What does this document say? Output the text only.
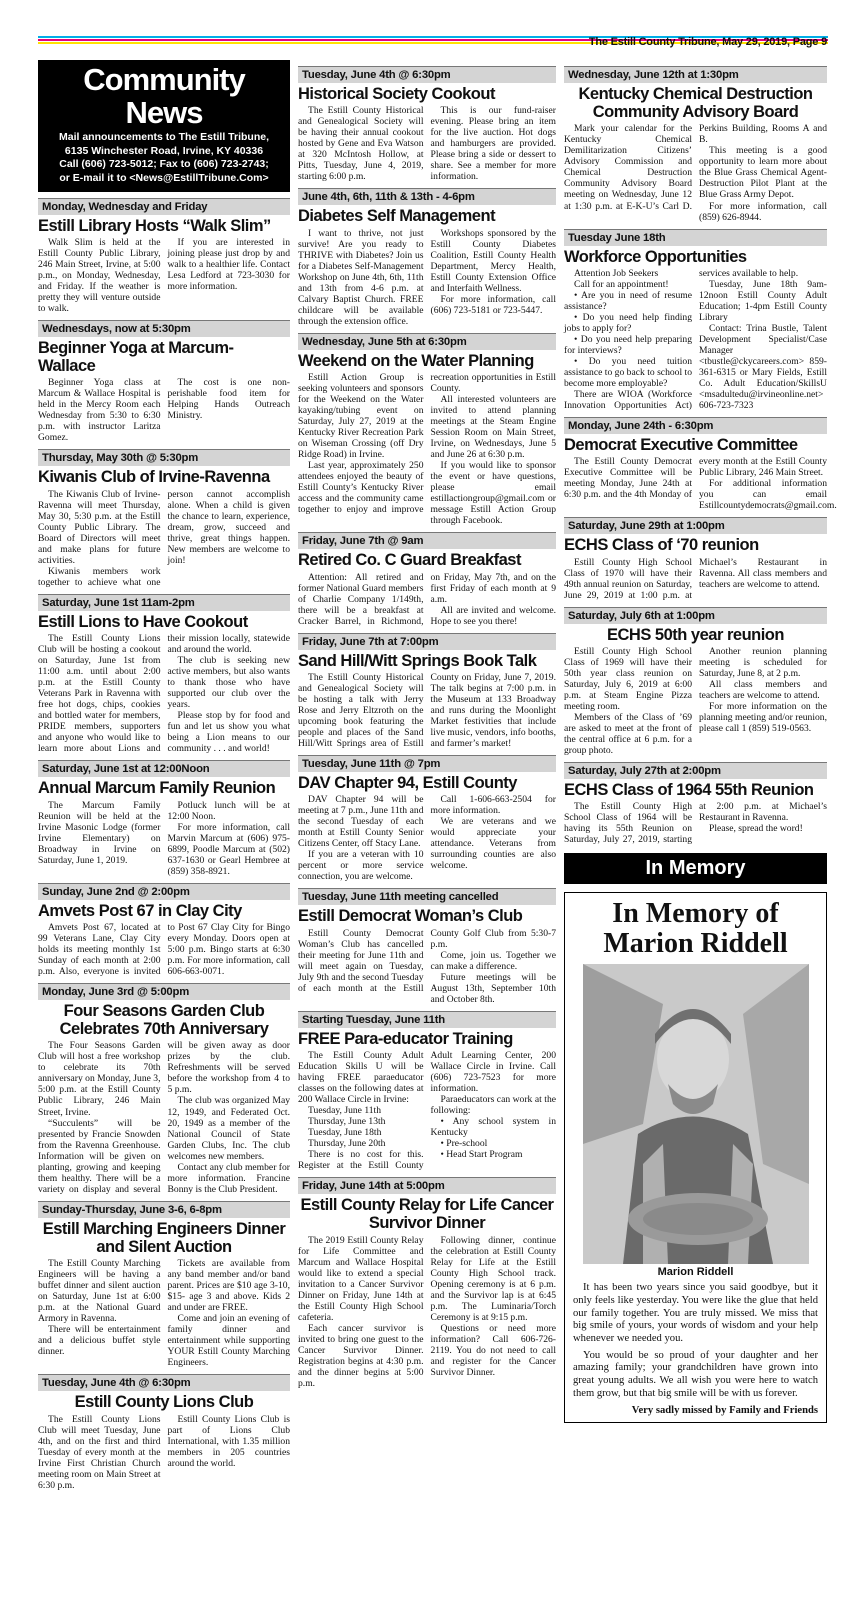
The Estill County Tribune, May 29, 2019, Page 9
Community News
Mail announcements to The Estill Tribune,
6135 Winchester Road, Irvine, KY 40336
Call (606) 723-5012; Fax to (606) 723-2743;
or E-mail it to <News@EstillTribune.Com>
Monday, Wednesday and Friday
Estill Library Hosts “Walk Slim”

Walk Slim is held at the Estill County Public Library, 246 Main Street, Irvine, at 5:00 p.m., on Monday, Wednesday, and Friday. If the weather is pretty they will venture outside to walk.

If you are interested in joining please just drop by and walk to a healthier life. Contact Lesa Ledford at 723-3030 for more information.

Wednesdays, now at 5:30pm
Beginner Yoga at Marcum-Wallace

Beginner Yoga class at Marcum & Wallace Hospital is held in the Mercy Room each Wednesday from 5:30 to 6:30 p.m. with instructor Laritza Gomez.

The cost is one non-perishable food item for Helping Hands Outreach Ministry.

Thursday, May 30th @ 5:30pm
Kiwanis Club of Irvine-Ravenna

The Kiwanis Club of Irvine-Ravenna will meet Thursday, May 30, 5:30 p.m. at the Estill County Public Library. The Board of Directors will meet and make plans for future activities.

Kiwanis members work together to achieve what one person cannot accomplish alone. When a child is given the chance to learn, experience, dream, grow, succeed and thrive, great things happen. New members are welcome to join!

Saturday, June 1st 11am-2pm
Estill Lions to Have Cookout

The Estill County Lions Club will be hosting a cookout on Saturday, June 1st from 11:00 a.m. until about 2:00 p.m. at the Estill County Veterans Park in Ravenna with free hot dogs, chips, cookies and bottled water for members, PRIDE members, supporters and anyone who would like to learn more about Lions and their mission locally, statewide and around the world.

The club is seeking new active members, but also wants to thank those who have supported our club over the years.

Please stop by for food and fun and let us show you what being a Lion means to our community . . . and world!

Saturday, June 1st at 12:00Noon
Annual Marcum Family Reunion

The Marcum Family Reunion will be held at the Irvine Masonic Lodge (former Irvine Elementary) on Broadway in Irvine on Saturday, June 1, 2019.

Potluck lunch will be at 12:00 Noon.

For more information, call Marvin Marcum at (606) 975-6899, Poodle Marcum at (502) 637-1630 or Gearl Hembree at (859) 358-8921.

Sunday, June 2nd @ 2:00pm
Amvets Post 67 in Clay City

Amvets Post 67, located at 99 Veterans Lane, Clay City holds its meeting monthly 1st Sunday of each month at 2:00 p.m. Also, everyone is invited to Post 67 Clay City for Bingo every Monday. Doors open at 5:00 p.m. Bingo starts at 6:30 p.m. For more information, call 606-663-0071.

Monday, June 3rd @ 5:00pm
Four Seasons Garden Club Celebrates 70th Anniversary

The Four Seasons Garden Club will host a free workshop to celebrate its 70th anniversary on Monday, June 3, 5:00 p.m. at the Estill County Public Library, 246 Main Street, Irvine.

“Succulents” will be presented by Francie Snowden from the Ravenna Greenhouse. Information will be given on planting, growing and keeping them healthy. There will be a variety on display and several will be given away as door prizes by the club. Refreshments will be served before the workshop from 4 to 5 p.m.

The club was organized May 12, 1949, and Federated Oct. 20, 1949 as a member of the National Council of State Garden Clubs, Inc. The club welcomes new members.

Contact any club member for more information. Francine Bonny is the Club President.

Sunday-Thursday, June 3-6, 6-8pm
Estill Marching Engineers Dinner and Silent Auction

The Estill County Marching Engineers will be having a buffet dinner and silent auction on Saturday, June 1st at 6:00 p.m. at the National Guard Armory in Ravenna.

There will be entertainment and a delicious buffet style dinner.

Tickets are available from any band member and/or band parent. Prices are $10 age 3-10, $15- age 3 and above. Kids 2 and under are FREE.

Come and join an evening of family dinner and entertainment while supporting YOUR Estill County Marching Engineers.

Tuesday, June 4th @ 6:30pm
Estill County Lions Club

The Estill County Lions Club will meet Tuesday, June 4th, and on the first and third Tuesday of every month at the Irvine First Christian Church meeting room on Main Street at 6:30 p.m.

Estill County Lions Club is part of Lions Club International, with 1.35 million members in 205 countries around the world.

Tuesday, June 4th @ 6:30pm
Historical Society Cookout

The Estill County Historical and Genealogical Society will be having their annual cookout hosted by Gene and Eva Watson at 320 McIntosh Hollow, at Pitts, Tuesday, June 4, 2019, starting 6:00 p.m.

This is our fund-raiser evening. Please bring an item for the live auction. Hot dogs and hamburgers are provided. Please bring a side or dessert to share. See a member for more information.

June 4th, 6th, 11th & 13th - 4-6pm
Diabetes Self Management

I want to thrive, not just survive! Are you ready to THRIVE with Diabetes? Join us for a Diabetes Self-Management Workshop on June 4th, 6th, 11th and 13th from 4-6 p.m. at Calvary Baptist Church. FREE childcare will be available through the extension office.

Workshops sponsored by the Estill County Diabetes Coalition, Estill County Health Department, Mercy Health, Estill County Extension Office and Interfaith Wellness.

For more information, call (606) 723-5181 or 723-5447.

Wednesday, June 5th at 6:30pm
Weekend on the Water Planning

Estill Action Group is seeking volunteers and sponsors for the Weekend on the Water kayaking/tubing event on Saturday, July 27, 2019 at the Kentucky River Recreation Park on Wiseman Crossing (off Dry Ridge Road) in Irvine.

Last year, approximately 250 attendees enjoyed the beauty of Estill County’s Kentucky River access and the community came together to enjoy and improve recreation opportunities in Estill County.

All interested volunteers are invited to attend planning meetings at the Steam Engine Session Room on Main Street, Irvine, on Wednesdays, June 5 and June 26 at 6:30 p.m.

If you would like to sponsor the event or have questions, please email estillactiongroup@gmail.com or message Estill Action Group through Facebook.

Friday, June 7th @ 9am
Retired Co. C Guard Breakfast

Attention: All retired and former National Guard members of Charlie Company 1/149th, there will be a breakfast at Cracker Barrel, in Richmond, on Friday, May 7th, and on the first Friday of each month at 9 a.m.

All are invited and welcome. Hope to see you there!

Friday, June 7th at 7:00pm
Sand Hill/Witt Springs Book Talk

The Estill County Historical and Genealogical Society will be hosting a talk with Jerry Rose and Jerry Eltzroth on the upcoming book featuring the people and places of the Sand Hill/Witt Springs area of Estill County on Friday, June 7, 2019. The talk begins at 7:00 p.m. in the Museum at 133 Broadway and runs during the Moonlight Market festivities that include live music, vendors, info booths, and farmer’s market!

Tuesday, June 11th @ 7pm
DAV Chapter 94, Estill County

DAV Chapter 94 will be meeting at 7 p.m., June 11th and the second Tuesday of each month at Estill County Senior Citizens Center, off Stacy Lane.

If you are a veteran with 10 percent or more service connection, you are welcome.

Call 1-606-663-2504 for more information.

We are veterans and we would appreciate your attendance. Veterans from surrounding counties are also welcome.

Tuesday, June 11th meeting cancelled
Estill Democrat Woman’s Club

Estill County Democrat Woman’s Club has cancelled their meeting for June 11th and will meet again on Tuesday, July 9th and the second Tuesday of each month at the Estill County Golf Club from 5:30-7 p.m.

Come, join us. Together we can make a difference.

Future meetings will be August 13th, September 10th and October 8th.

Starting Tuesday, June 11th
FREE Para-educator Training

The Estill County Adult Education Skills U will be having FREE paraeducator classes on the following dates at 200 Wallace Circle in Irvine:

Tuesday, June 11th

Thursday, June 13th

Tuesday, June 18th

Thursday, June 20th

There is no cost for this. Register at the Estill County Adult Learning Center, 200 Wallace Circle in Irvine. Call (606) 723-7523 for more information.

Paraeducators can work at the following:

• Any school system in Kentucky

• Pre-school

• Head Start Program

Friday, June 14th at 5:00pm
Estill County Relay for Life Cancer Survivor Dinner

The 2019 Estill County Relay for Life Committee and Marcum and Wallace Hospital would like to extend a special invitation to a Cancer Survivor Dinner on Friday, June 14th at the Estill County High School cafeteria.

Each cancer survivor is invited to bring one guest to the Cancer Survivor Dinner. Registration begins at 4:30 p.m. and the dinner begins at 5:00 p.m.

Following dinner, continue the celebration at Estill County Relay for Life at the Estill County High School track. Opening ceremony is at 6 p.m. and the Survivor lap is at 6:45 p.m. The Luminaria/Torch Ceremony is at 9:15 p.m.

Questions or need more information? Call 606-726-2119. You do not need to call and register for the Cancer Survivor Dinner.

Wednesday, June 12th at 1:30pm
Kentucky Chemical Destruction Community Advisory Board

Mark your calendar for the Kentucky Chemical Demilitarization Citizens’ Advisory Commission and Chemical Destruction Community Advisory Board meeting on Wednesday, June 12 at 1:30 p.m. at E-K-U’s Carl D. Perkins Building, Rooms A and B.

This meeting is a good opportunity to learn more about the Blue Grass Chemical Agent-Destruction Pilot Plant at the Blue Grass Army Depot.

For more information, call (859) 626-8944.

Tuesday June 18th
Workforce Opportunities

Attention Job Seekers

Call for an appointment!

• Are you in need of resume assistance?

• Do you need help finding jobs to apply for?

• Do you need help preparing for interviews?

• Do you need tuition assistance to go back to school to become more employable?

There are WIOA (Workforce Innovation Opportunities Act) services available to help.

Tuesday, June 18th 9am-12noon Estill County Adult Education; 1-4pm Estill County Library

Contact: Trina Bustle, Talent Development Specialist/Case Manager <tbustle@ckycareers.com> 859-361-6315 or Mary Fields, Estill Co. Adult Education/SkillsU <msadultedu@irvineonline.net> 606-723-7323

Monday, June 24th - 6:30pm
Democrat Executive Committee

The Estill County Democrat Executive Committee will be meeting Monday, June 24th at 6:30 p.m. and the 4th Monday of every month at the Estill County Public Library, 246 Main Street.

For additional information you can email Estillcountydemocrats@gmail.com.

Saturday, June 29th at 1:00pm
ECHS Class of ‘70 reunion

Estill County High School Class of 1970 will have their 49th annual reunion on Saturday, June 29, 2019 at 1:00 p.m. at Michael’s Restaurant in Ravenna. All class members and teachers are welcome to attend.

Saturday, July 6th at 1:00pm
ECHS 50th year reunion

Estill County High School Class of 1969 will have their 50th year class reunion on Saturday, July 6, 2019 at 6:00 p.m. at Steam Engine Pizza meeting room.

Members of the Class of ’69 are asked to meet at the front of the central office at 6 p.m. for a group photo.

Another reunion planning meeting is scheduled for Saturday, June 8, at 2 p.m.

All class members and teachers are welcome to attend.

For more information on the planning meeting and/or reunion, please call 1 (859) 519-0563.

Saturday, July 27th at 2:00pm
ECHS Class of 1964 55th Reunion

The Estill County High School Class of 1964 will be having its 55th Reunion on Saturday, July 27, 2019, starting at 2:00 p.m. at Michael’s Restaurant in Ravenna.

Please, spread the word!

In Memory
In Memory of
Marion Riddell
Marion Riddell

It has been two years since you said goodbye, but it only feels like yesterday. You were like the glue that held our family together. You are truly missed. We miss that big smile of yours, your words of wisdom and your help whenever we needed you.

You would be so proud of your daughter and her amazing family; your grandchildren have grown into great young adults. We all wish you were here to watch them grow, but that big smile will be with us forever.

Very sadly missed by Family and Friends
